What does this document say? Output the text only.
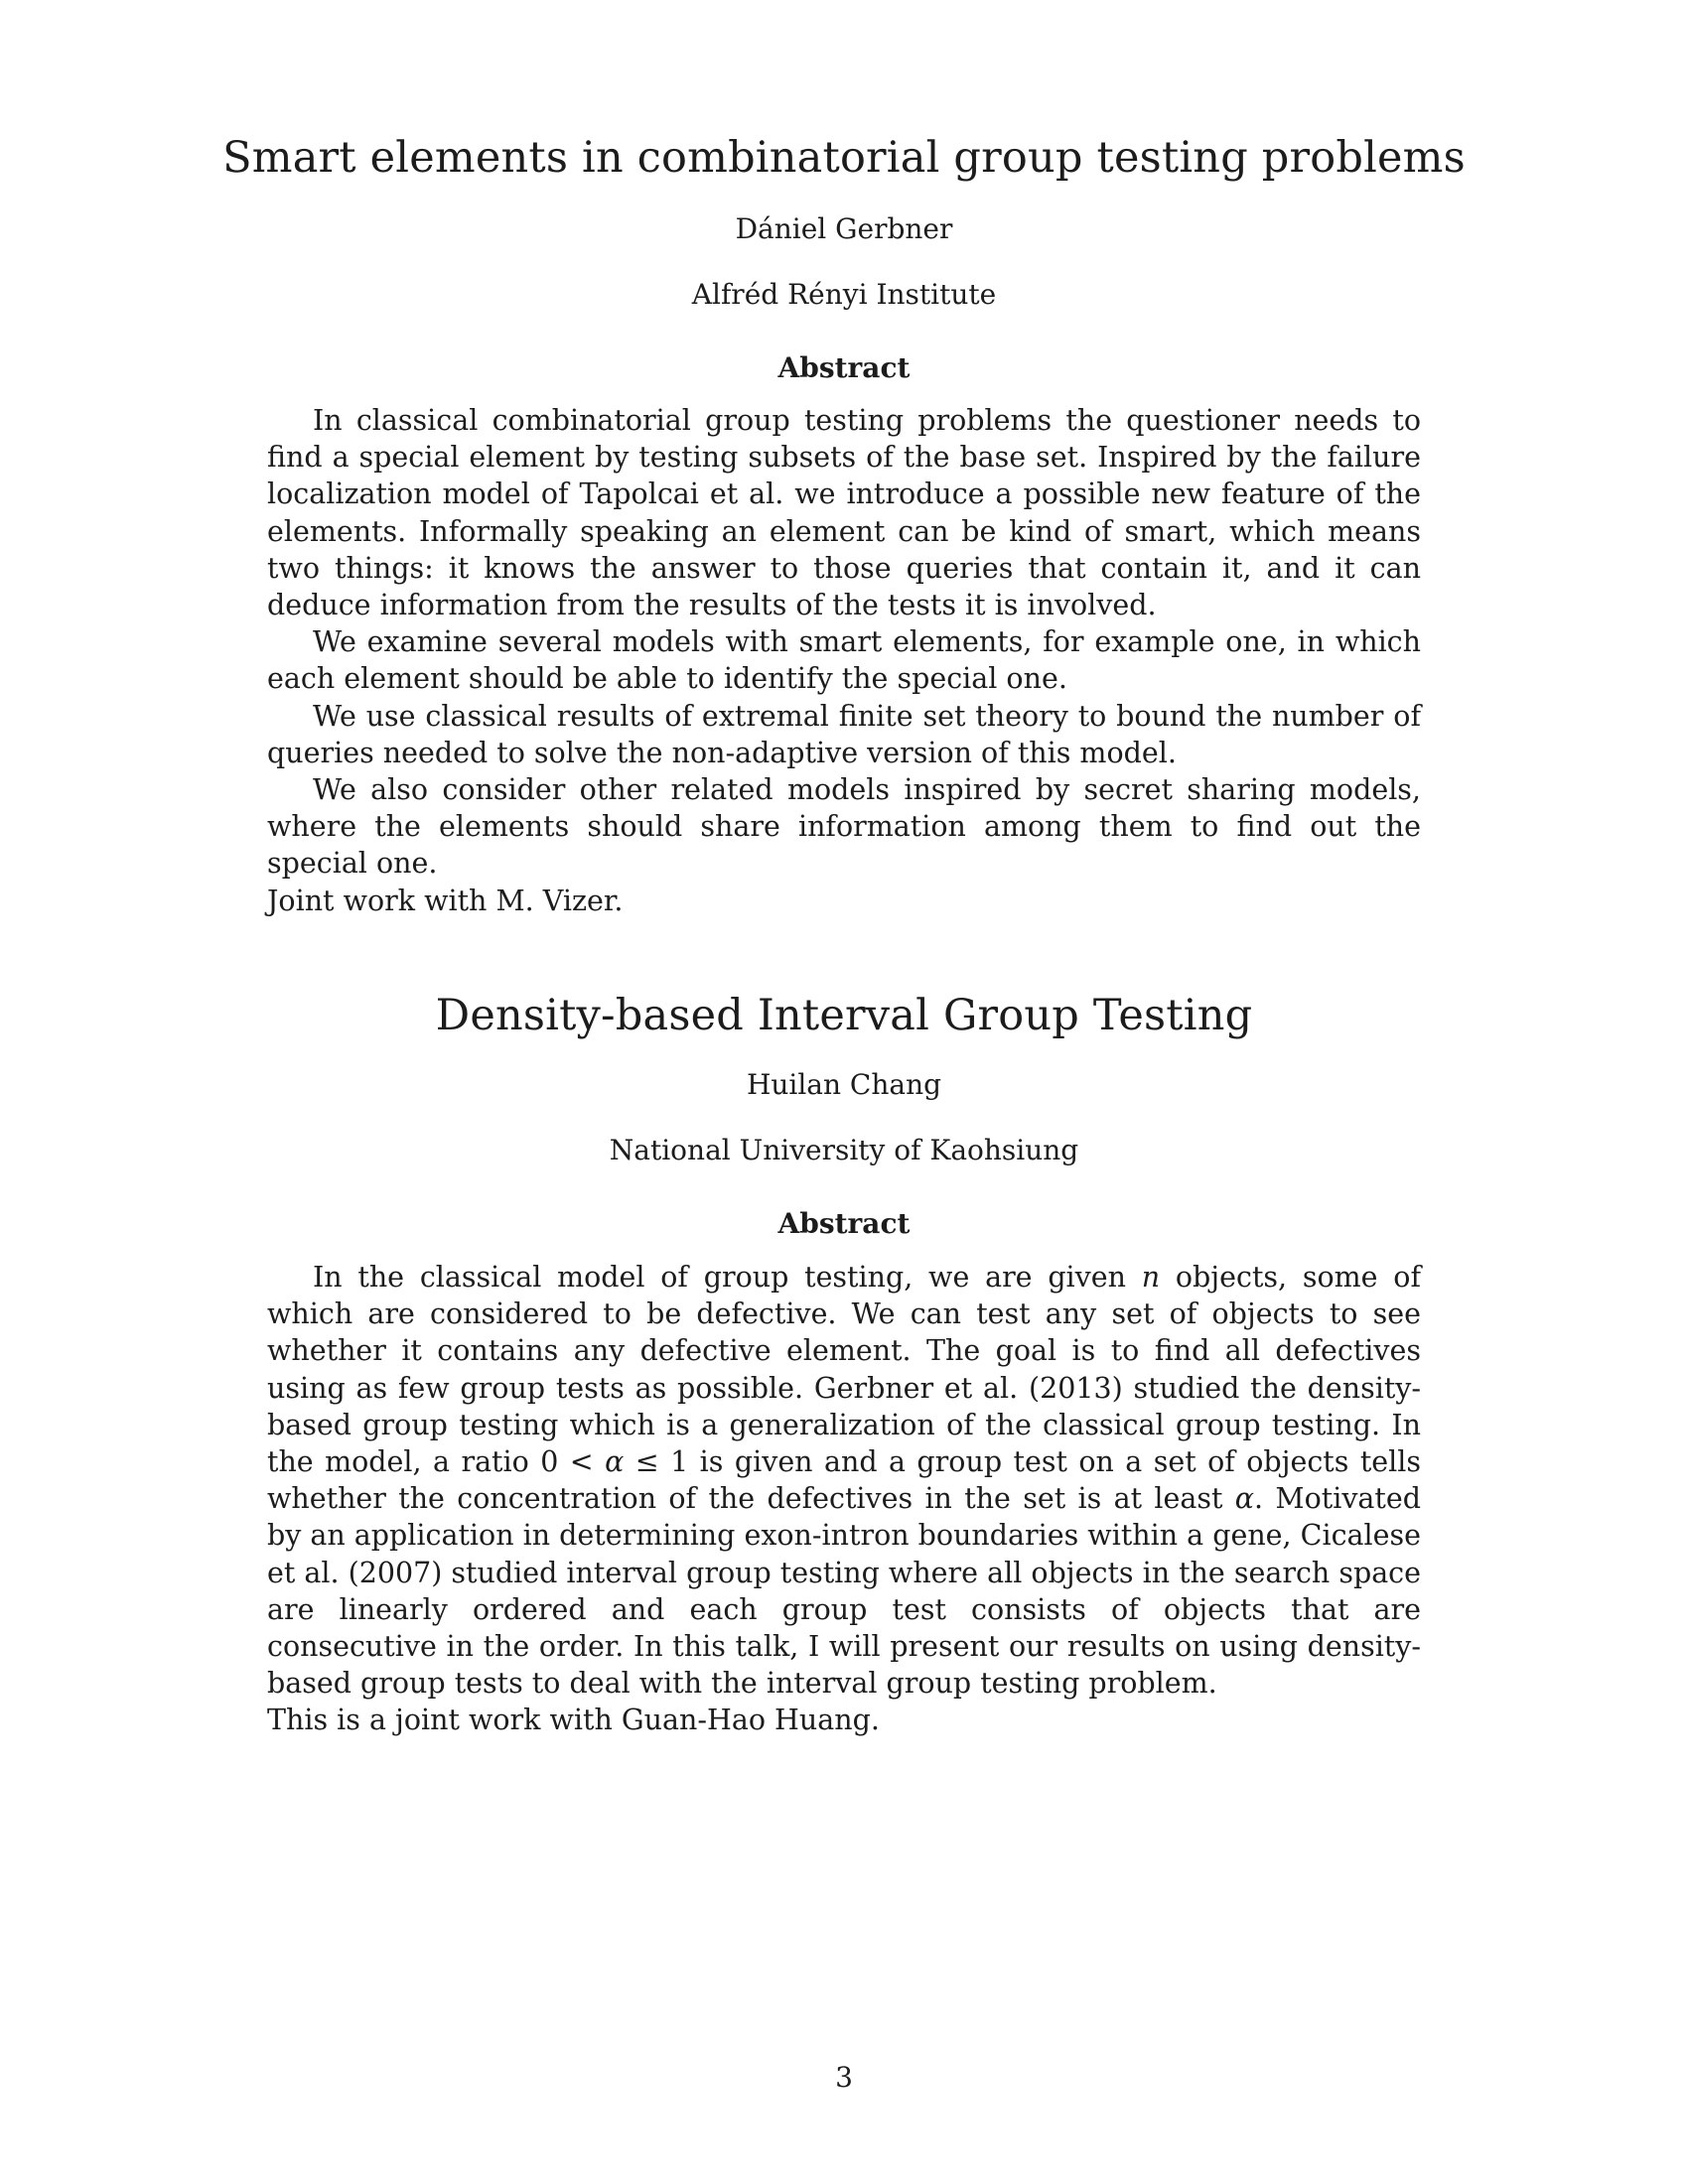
Smart elements in combinatorial group testing problems
Dániel Gerbner
Alfréd Rényi Institute
Abstract

In classical combinatorial group testing problems the questioner needs to find a special element by testing subsets of the base set. Inspired by the failure localization model of Tapolcai et al. we introduce a possible new feature of the elements. Informally speaking an element can be kind of smart, which means two things: it knows the answer to those queries that contain it, and it can deduce information from the results of the tests it is involved.

We examine several models with smart elements, for example one, in which each element should be able to identify the special one.

We use classical results of extremal finite set theory to bound the number of queries needed to solve the non-adaptive version of this model.

We also consider other related models inspired by secret sharing models, where the elements should share information among them to find out the special one.

Joint work with M. Vizer.

Density-based Interval Group Testing
Huilan Chang
National University of Kaohsiung
Abstract

In the classical model of group testing, we are given n objects, some of which are considered to be defective. We can test any set of objects to see whether it contains any defective element. The goal is to find all defectives using as few group tests as possible. Gerbner et al. (2013) studied the density-based group testing which is a generalization of the classical group testing. In the model, a ratio 0 < α ≤ 1 is given and a group test on a set of objects tells whether the concentration of the defectives in the set is at least α. Motivated by an application in determining exon-intron boundaries within a gene, Cicalese et al. (2007) studied interval group testing where all objects in the search space are linearly ordered and each group test consists of objects that are consecutive in the order. In this talk, I will present our results on using density-based group tests to deal with the interval group testing problem.

This is a joint work with Guan-Hao Huang.

3
